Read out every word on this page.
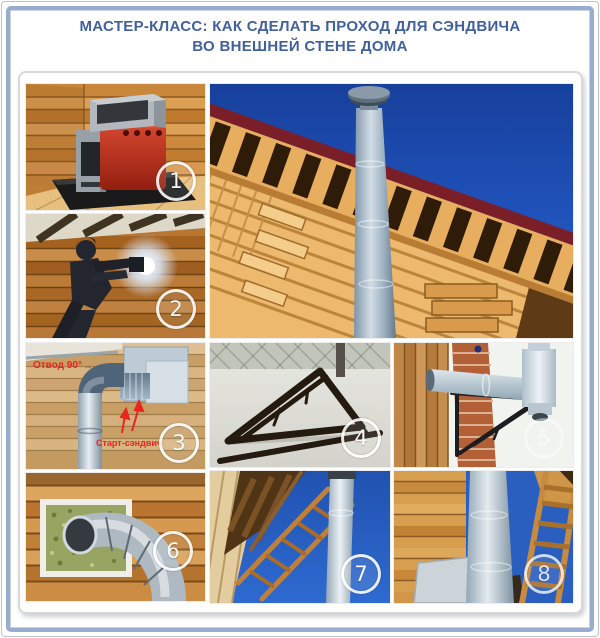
МАСТЕР-КЛАСС: КАК СДЕЛАТЬ ПРОХОД ДЛЯ СЭНДВИЧА
ВО ВНЕШНЕЙ СТЕНЕ ДОМА
1
2
Отвод 90° →
Старт-сэндвич 3	4	5
6
7	8
